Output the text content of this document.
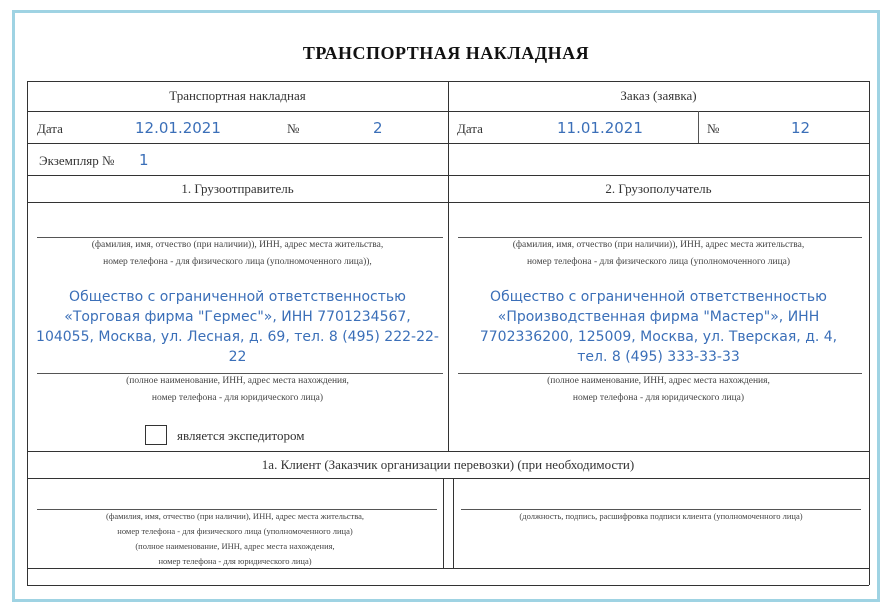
ТРАНСПОРТНАЯ НАКЛАДНАЯ
Транспортная накладная	Заказ (заявка)
Дата	12.01.2021	№	2	Дата	11.01.2021	№	12
Экземпляр № 1
1. Грузоотправитель	2. Грузополучатель
(фамилия, имя, отчество (при наличии)), ИНН, адрес места жительства,
номер телефона - для физического лица (уполномоченного лица)),
Общество с ограниченной ответственностью
«Торговая фирма "Гермес"», ИНН 7701234567,
104055, Москва, ул. Лесная, д. 69, тел. 8 (495) 222-22-
22
(полное наименование, ИНН, адрес места нахождения,
номер телефона - для юридического лица)
является экспедитором
(фамилия, имя, отчество (при наличии)), ИНН, адрес места жительства,
номер телефона - для физического лица (уполномоченного лица)
Общество с ограниченной ответственностью
«Производственная фирма "Мастер"», ИНН
7702336200, 125009, Москва, ул. Тверская, д. 4,
тел. 8 (495) 333-33-33
(полное наименование, ИНН, адрес места нахождения,
номер телефона - для юридического лица)
1а. Клиент (Заказчик организации перевозки) (при необходимости)
(фамилия, имя, отчество (при наличии), ИНН, адрес места жительства,
номер телефона - для физического лица (уполномоченного лица)
(полное наименование, ИНН, адрес места нахождения,
номер телефона - для юридического лица)
(должность, подпись, расшифровка подписи клиента (уполномоченного лица)
